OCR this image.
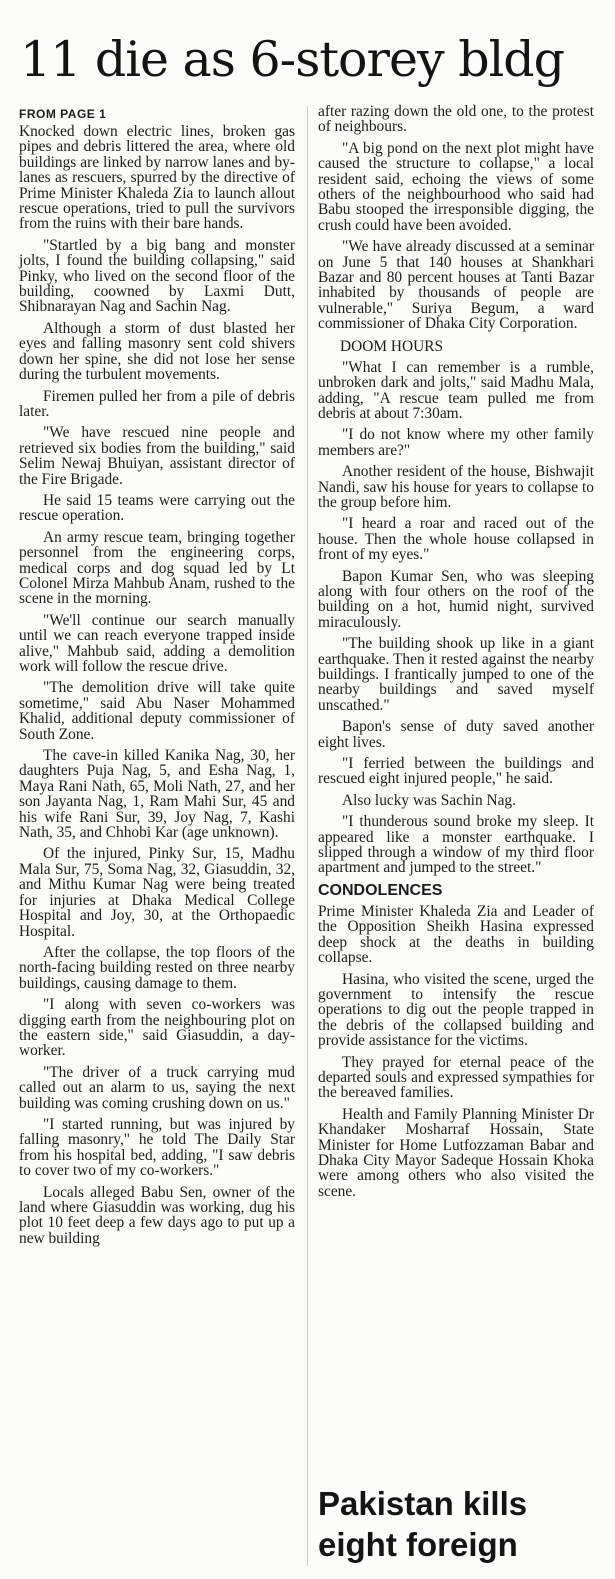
11 die as 6-storey bldg
FROM PAGE 1

Knocked down electric lines, broken gas pipes and debris littered the area, where old buildings are linked by narrow lanes and by-lanes as rescuers, spurred by the directive of Prime Minister Khaleda Zia to launch allout rescue operations, tried to pull the survivors from the ruins with their bare hands.

"Startled by a big bang and monster jolts, I found the building collapsing," said Pinky, who lived on the second floor of the building, coowned by Laxmi Dutt, Shibnarayan Nag and Sachin Nag.

Although a storm of dust blasted her eyes and falling masonry sent cold shivers down her spine, she did not lose her sense during the turbulent movements.

Firemen pulled her from a pile of debris later.

"We have rescued nine people and retrieved six bodies from the building," said Selim Newaj Bhuiyan, assistant director of the Fire Brigade.

He said 15 teams were carrying out the rescue operation.

An army rescue team, bringing together personnel from the engineering corps, medical corps and dog squad led by Lt Colonel Mirza Mahbub Anam, rushed to the scene in the morning.

"We'll continue our search manually until we can reach everyone trapped inside alive," Mahbub said, adding a demolition work will follow the rescue drive.

"The demolition drive will take quite sometime," said Abu Naser Mohammed Khalid, additional deputy commissioner of South Zone.

The cave-in killed Kanika Nag, 30, her daughters Puja Nag, 5, and Esha Nag, 1, Maya Rani Nath, 65, Moli Nath, 27, and her son Jayanta Nag, 1, Ram Mahi Sur, 45 and his wife Rani Sur, 39, Joy Nag, 7, Kashi Nath, 35, and Chhobi Kar (age unknown).

Of the injured, Pinky Sur, 15, Madhu Mala Sur, 75, Soma Nag, 32, Giasuddin, 32, and Mithu Kumar Nag were being treated for injuries at Dhaka Medical College Hospital and Joy, 30, at the Orthopaedic Hospital.

After the collapse, the top floors of the north-facing building rested on three nearby buildings, causing damage to them.

"I along with seven co-workers was digging earth from the neighbouring plot on the eastern side," said Giasuddin, a day-worker.

"The driver of a truck carrying mud called out an alarm to us, saying the next building was coming crushing down on us."

"I started running, but was injured by falling masonry," he told The Daily Star from his hospital bed, adding, "I saw debris to cover two of my co-workers."

Locals alleged Babu Sen, owner of the land where Giasuddin was working, dug his plot 10 feet deep a few days ago to put up a new building

after razing down the old one, to the protest of neighbours.

"A big pond on the next plot might have caused the structure to collapse," a local resident said, echoing the views of some others of the neighbourhood who said had Babu stooped the irresponsible digging, the crush could have been avoided.

"We have already discussed at a seminar on June 5 that 140 houses at Shankhari Bazar and 80 percent houses at Tanti Bazar inhabited by thousands of people are vulnerable," Suriya Begum, a ward commissioner of Dhaka City Corporation.

DOOM HOURS

"What I can remember is a rumble, unbroken dark and jolts," said Madhu Mala, adding, "A rescue team pulled me from debris at about 7:30am.

"I do not know where my other family members are?"

Another resident of the house, Bishwajit Nandi, saw his house for years to collapse to the group before him.

"I heard a roar and raced out of the house. Then the whole house collapsed in front of my eyes."

Bapon Kumar Sen, who was sleeping along with four others on the roof of the building on a hot, humid night, survived miraculously.

"The building shook up like in a giant earthquake. Then it rested against the nearby buildings. I frantically jumped to one of the nearby buildings and saved myself unscathed."

Bapon's sense of duty saved another eight lives.

"I ferried between the buildings and rescued eight injured people," he said.

Also lucky was Sachin Nag.

"I thunderous sound broke my sleep. It appeared like a monster earthquake. I slipped through a window of my third floor apartment and jumped to the street."

CONDOLENCES

Prime Minister Khaleda Zia and Leader of the Opposition Sheikh Hasina expressed deep shock at the deaths in building collapse.

Hasina, who visited the scene, urged the government to intensify the rescue operations to dig out the people trapped in the debris of the collapsed building and provide assistance for the victims.

They prayed for eternal peace of the departed souls and expressed sympathies for the bereaved families.

Health and Family Planning Minister Dr Khandaker Mosharraf Hossain, State Minister for Home Lutfozzaman Babar and Dhaka City Mayor Sadeque Hossain Khoka were among others who also visited the scene.

Pakistan kills eight foreign
